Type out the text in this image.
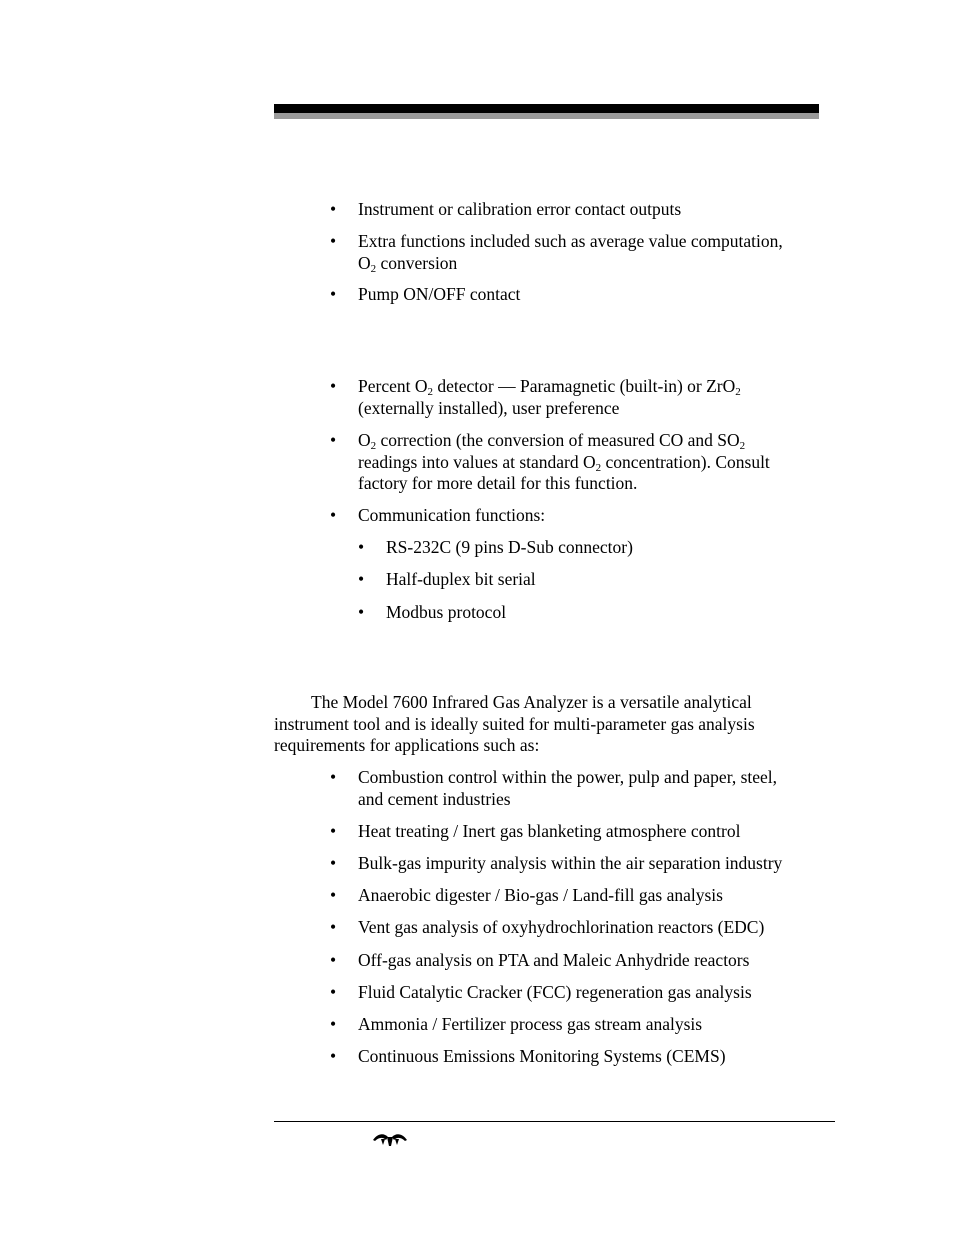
• Instrument or calibration error contact outputs
• Extra functions included such as average value computation,
$O_2$ conversion
• Pump ON/OFF contact
• Percent $O_2$ detector — Paramagnetic (built-in) or ZrO$_2$
(externally installed), user preference
• $O_2$ correction (the conversion of measured CO and $SO_2$
readings into values at standard $O_2$ concentration). Consult
factory for more detail for this function.
• Communication functions:
• RS-232C (9 pins D-Sub connector)
• Half-duplex bit serial
• Modbus protocol
The Model 7600 Infrared Gas Analyzer is a versatile analytical
instrument tool and is ideally suited for multi-parameter gas analysis
requirements for applications such as:
• Combustion control within the power, pulp and paper, steel,
and cement industries
• Heat treating / Inert gas blanketing atmosphere control
• Bulk-gas impurity analysis within the air separation industry
• Anaerobic digester / Bio-gas / Land-fill gas analysis
• Vent gas analysis of oxyhydrochlorination reactors (EDC)
• Off-gas analysis on PTA and Maleic Anhydride reactors
• Fluid Catalytic Cracker (FCC) regeneration gas analysis
• Ammonia / Fertilizer process gas stream analysis
• Continuous Emissions Monitoring Systems (CEMS)
